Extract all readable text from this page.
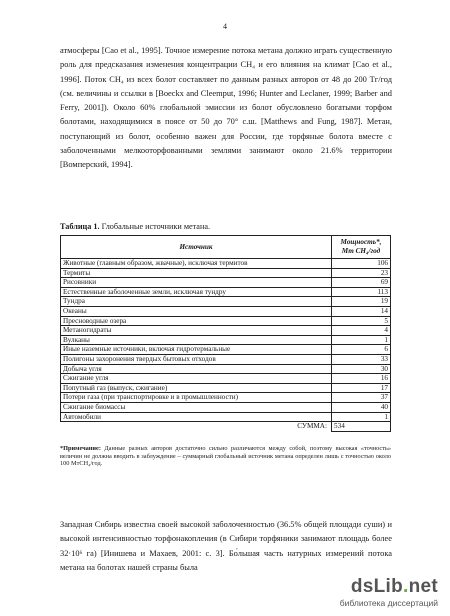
4

атмосферы [Cao et al., 1995]. Точное измерение потока метана должно играть существенную роль для предсказания изменения концентрации CH₄ и его влияния на климат [Cao et al., 1996]. Поток CH₄ из всех болот составляет по данным разных авторов от 48 до 200 Тг/год (см. величины и ссылки в [Boeckx and Cleemput, 1996; Hunter and Leclaner, 1999; Barber and Ferry, 2001]). Около 60% глобальной эмиссии из болот обусловлено богатыми торфом болотами, находящимися в поясе от 50 до 70° с.ш. [Matthews and Fung, 1987]. Метан, поступающий из болот, особенно важен для России, где торфяные болота вместе с заболоченными мелкооторфованными землями занимают около 21.6% территории [Вомперский, 1994].

Таблица 1. Глобальные источники метана.
Источник	Мощность*,
Мт CH₄/год
Животные (главным образом, жвачные), исключая термитов	106
Термиты	23
Рисовники	69
Естественные заболоченные земли, исключая тундру	113
Тундра	19
Океаны	14
Пресноводные озера	5
Метаногидраты	4
Вулканы	1
Иные наземные источники, включая гидротермальные	6
Полигоны захоронения твердых бытовых отходов	33
Добыча угля	30
Сжигание угля	16
Попутный газ (выпуск, сжигание)	17
Потери газа (при транспортировке и в промышленности)	37
Сжигание биомассы	40
Автомобили	1
СУММА:	534
*Примечание: Данные разных авторов достаточно сильно различаются между собой, поэтому высокая «точность» величин не должна вводить в заблуждение – суммарный глобальный источник метана определен лишь с точностью около 100 МтCH₄/год.

Западная Сибирь известна своей высокой заболоченностью (36.5% общей площади суши) и высокой интенсивностью торфонакопления (в Сибири торфяники занимают площадь более 32·10⁶ га) [Инишева и Махаев, 2001: с. 3]. Бо́льшая часть натурных измерений потока метана на болотах нашей страны была

dsLib.net
библиотека диссертаций
